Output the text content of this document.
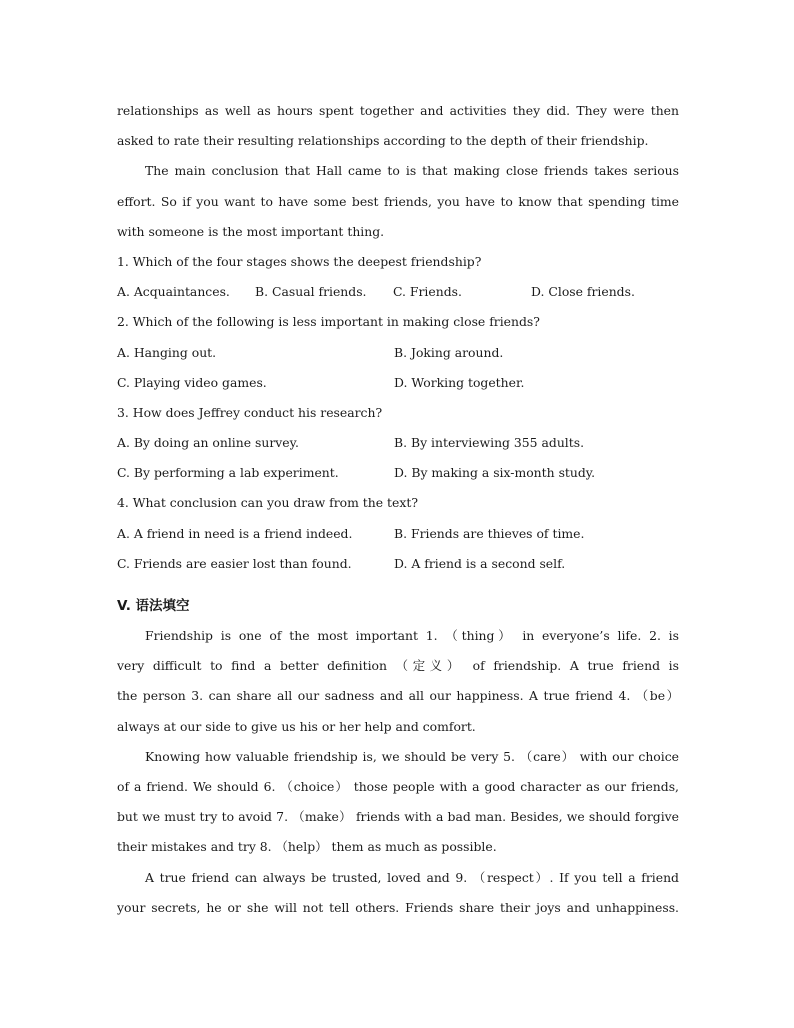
relationships as well as hours spent together and activities they did. They were then
asked to rate their resulting relationships according to the depth of their friendship.
The main conclusion that Hall came to is that making close friends takes serious
effort. So if you want to have some best friends, you have to know that spending time
with someone is the most important thing.
1. Which of the four stages shows the deepest friendship?
A. Acquaintances.	B. Casual friends.	C. Friends.	D. Close friends.
2. Which of the following is less important in making close friends?
A. Hanging out.	B. Joking around.
C. Playing video games.	D. Working together.
3. How does Jeffrey conduct his research?
A. By doing an online survey.	B. By interviewing 355 adults.
C. By performing a lab experiment.	D. By making a six-month study.
4. What conclusion can you draw from the text?
A. A friend in need is a friend indeed.	B. Friends are thieves of time.
C. Friends are easier lost than found.	D. A friend is a second self.
V. 语法填空
Friendship is one of the most important 1. （thing） in everyone’s life. 2. is
very difficult to find a better definition （定义） of friendship. A true friend is
the person 3. can share all our sadness and all our happiness. A true friend 4. （be）
always at our side to give us his or her help and comfort.
Knowing how valuable friendship is, we should be very 5. （care） with our choice
of a friend. We should 6. （choice） those people with a good character as our friends,
but we must try to avoid 7. （make） friends with a bad man. Besides, we should forgive
their mistakes and try 8. （help） them as much as possible.
A true friend can always be trusted, loved and 9. （respect）. If you tell a friend
your secrets, he or she will not tell others. Friends share their joys and unhappiness.
